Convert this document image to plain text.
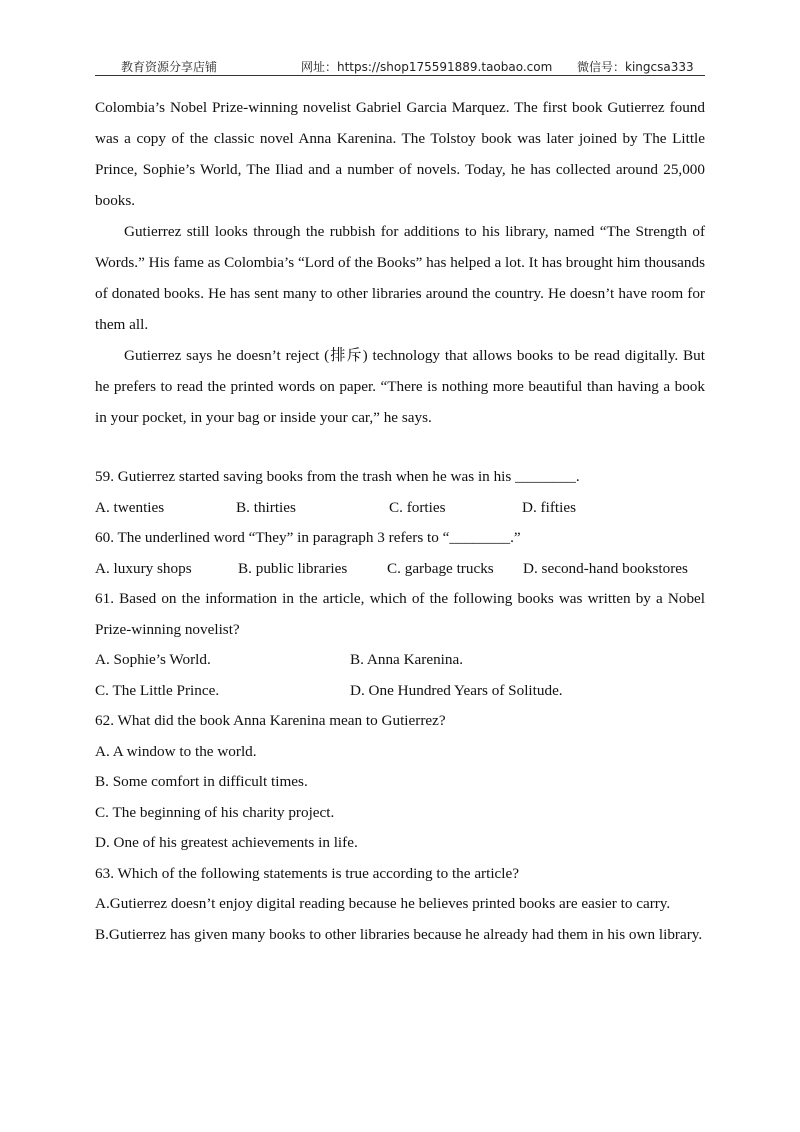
教育资源分享店铺	网址：https://shop175591889.taobao.com 微信号：kingcsa333

Colombia’s Nobel Prize-winning novelist Gabriel Garcia Marquez. The first book Gutierrez found was a copy of the classic novel Anna Karenina. The Tolstoy book was later joined by The Little Prince, Sophie’s World, The Iliad and a number of novels. Today, he has collected around 25,000 books.

Gutierrez still looks through the rubbish for additions to his library, named “The Strength of Words.” His fame as Colombia’s “Lord of the Books” has helped a lot. It has brought him thousands of donated books. He has sent many to other libraries around the country. He doesn’t have room for them all.

Gutierrez says he doesn’t reject (排斥) technology that allows books to be read digitally. But he prefers to read the printed words on paper. “There is nothing more beautiful than having a book in your pocket, in your bag or inside your car,” he says.

59. Gutierrez started saving books from the trash when he was in his ________.

A. twenties	B. thirties	C. forties	D. fifties

60. The underlined word “They” in paragraph 3 refers to “________.”

A. luxury shops	B. public libraries	C. garbage trucks D. second-hand bookstores

61. Based on the information in the article, which of the following books was written by a Nobel Prize-winning novelist?

A. Sophie’s World.	B. Anna Karenina.
C. The Little Prince.	D. One Hundred Years of Solitude.

62. What did the book Anna Karenina mean to Gutierrez?

A. A window to the world.

B. Some comfort in difficult times.

C. The beginning of his charity project.

D. One of his greatest achievements in life.

63. Which of the following statements is true according to the article?

A.Gutierrez doesn’t enjoy digital reading because he believes printed books are easier to carry.

B.Gutierrez has given many books to other libraries because he already had them in his own library.
